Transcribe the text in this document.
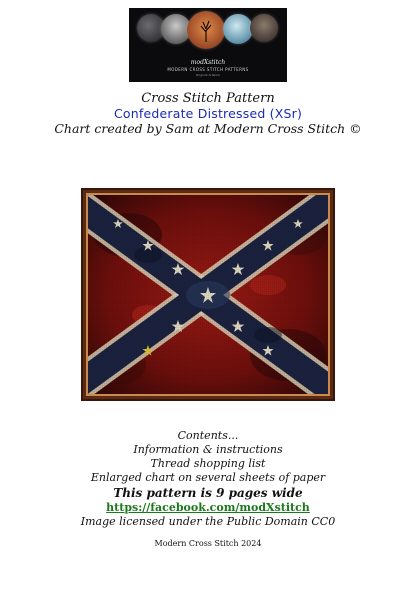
modXstitch
MODERN CROSS STITCH PATTERNS
Original Artwork
Cross Stitch Pattern
Confederate Distressed (XSr)
Chart created by Sam at Modern Cross Stitch ©
Contents...
Information & instructions
Thread shopping list
Enlarged chart on several sheets of paper
This pattern is 9 pages wide
https://facebook.com/modXstitch
Image licensed under the Public Domain CC0
Modern Cross Stitch 2024
